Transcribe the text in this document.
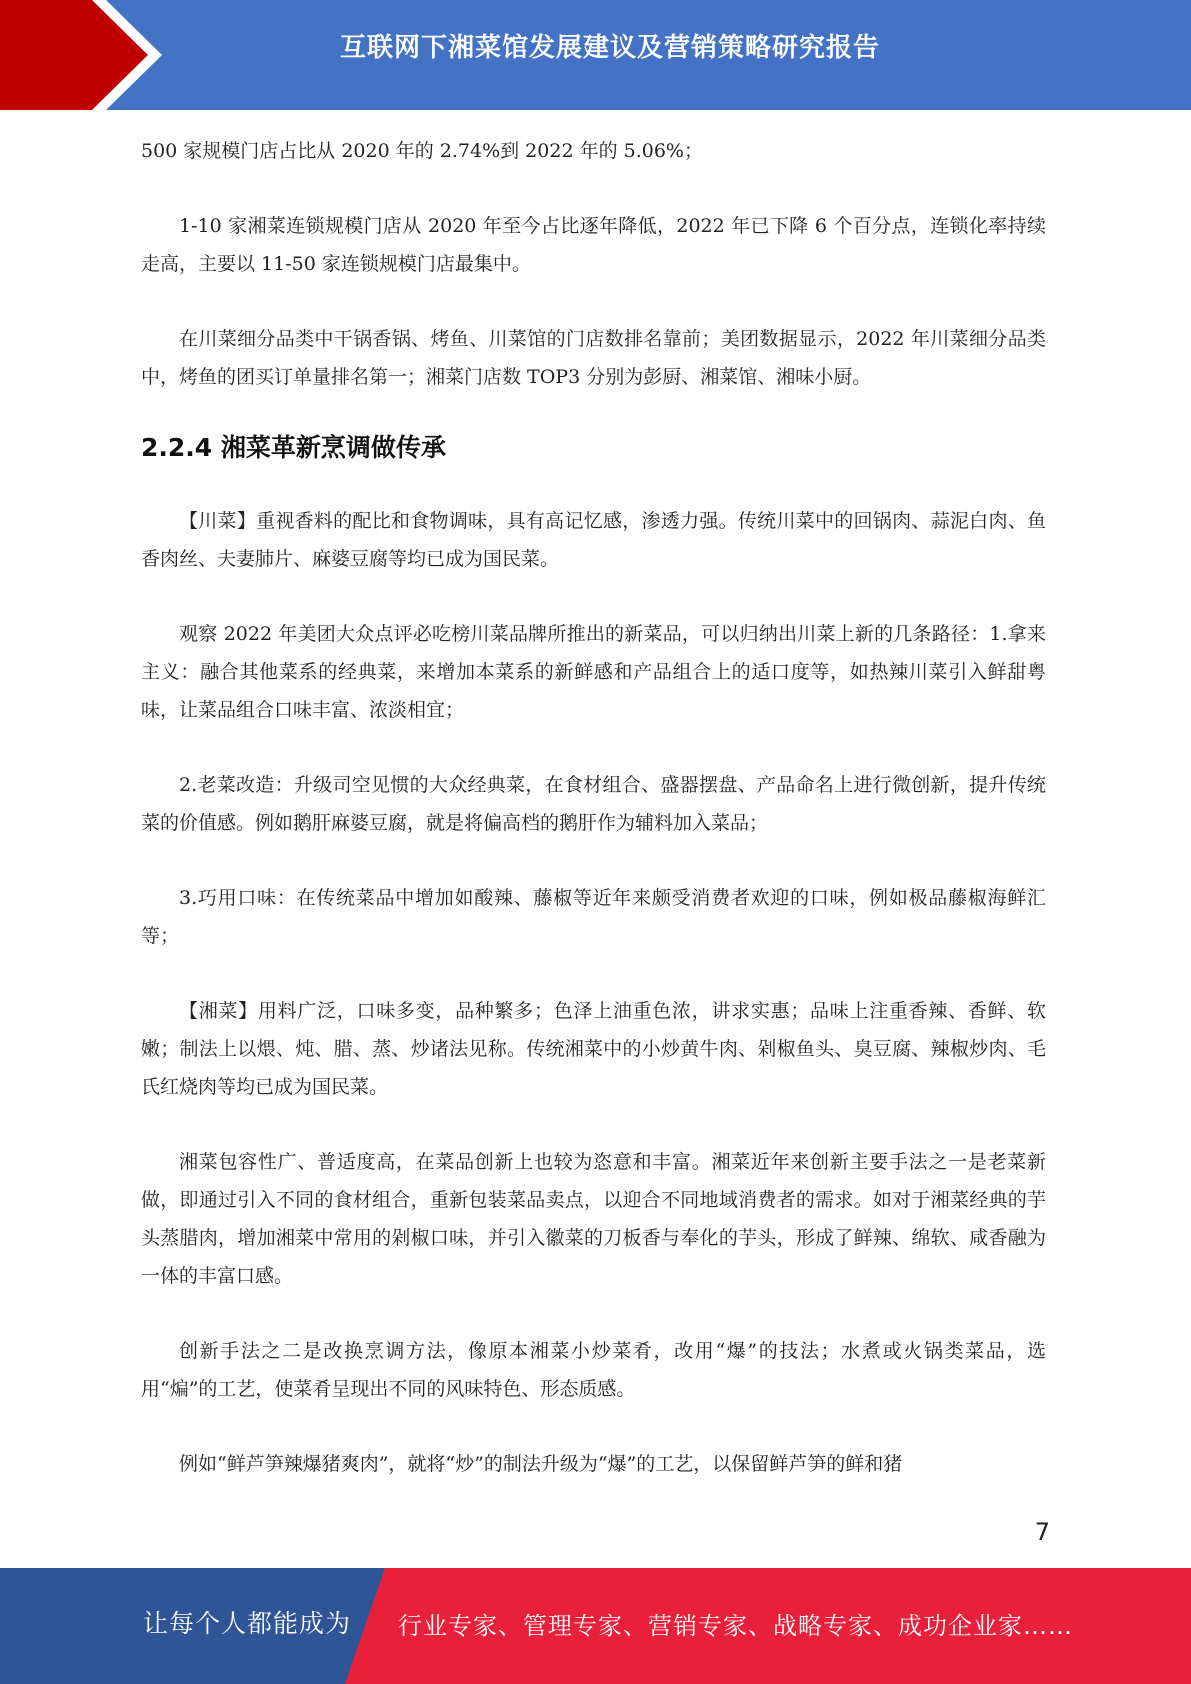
互联网下湘菜馆发展建议及营销策略研究报告

500 家规模门店占比从 2020 年的 2.74%到 2022 年的 5.06%；

1-10 家湘菜连锁规模门店从 2020 年至今占比逐年降低，2022 年已下降 6 个百分点，连锁化率持续走高，主要以 11-50 家连锁规模门店最集中。

在川菜细分品类中干锅香锅、烤鱼、川菜馆的门店数排名靠前；美团数据显示，2022 年川菜细分品类中，烤鱼的团买订单量排名第一；湘菜门店数 TOP3 分别为彭厨、湘菜馆、湘味小厨。

2.2.4 湘菜革新烹调做传承

【川菜】重视香料的配比和食物调味，具有高记忆感，渗透力强。传统川菜中的回锅肉、蒜泥白肉、鱼香肉丝、夫妻肺片、麻婆豆腐等均已成为国民菜。

观察 2022 年美团大众点评必吃榜川菜品牌所推出的新菜品，可以归纳出川菜上新的几条路径：1.拿来主义：融合其他菜系的经典菜，来增加本菜系的新鲜感和产品组合上的适口度等，如热辣川菜引入鲜甜粤味，让菜品组合口味丰富、浓淡相宜；

2.老菜改造：升级司空见惯的大众经典菜，在食材组合、盛器摆盘、产品命名上进行微创新，提升传统菜的价值感。例如鹅肝麻婆豆腐，就是将偏高档的鹅肝作为辅料加入菜品；

3.巧用口味：在传统菜品中增加如酸辣、藤椒等近年来颇受消费者欢迎的口味，例如极品藤椒海鲜汇等；

【湘菜】用料广泛，口味多变，品种繁多；色泽上油重色浓，讲求实惠；品味上注重香辣、香鲜、软嫩；制法上以煨、炖、腊、蒸、炒诸法见称。传统湘菜中的小炒黄牛肉、剁椒鱼头、臭豆腐、辣椒炒肉、毛氏红烧肉等均已成为国民菜。

湘菜包容性广、普适度高，在菜品创新上也较为恣意和丰富。湘菜近年来创新主要手法之一是老菜新做，即通过引入不同的食材组合，重新包装菜品卖点，以迎合不同地域消费者的需求。如对于湘菜经典的芋头蒸腊肉，增加湘菜中常用的剁椒口味，并引入徽菜的刀板香与奉化的芋头，形成了鲜辣、绵软、咸香融为一体的丰富口感。

创新手法之二是改换烹调方法，像原本湘菜小炒菜肴，改用“爆”的技法；水煮或火锅类菜品，选用“煸”的工艺，使菜肴呈现出不同的风味特色、形态质感。

例如“鲜芦笋辣爆猪爽肉”，就将“炒”的制法升级为“爆”的工艺，以保留鲜芦笋的鲜和猪

7
让每个人都能成为 行业专家、管理专家、营销专家、战略专家、成功企业家……
